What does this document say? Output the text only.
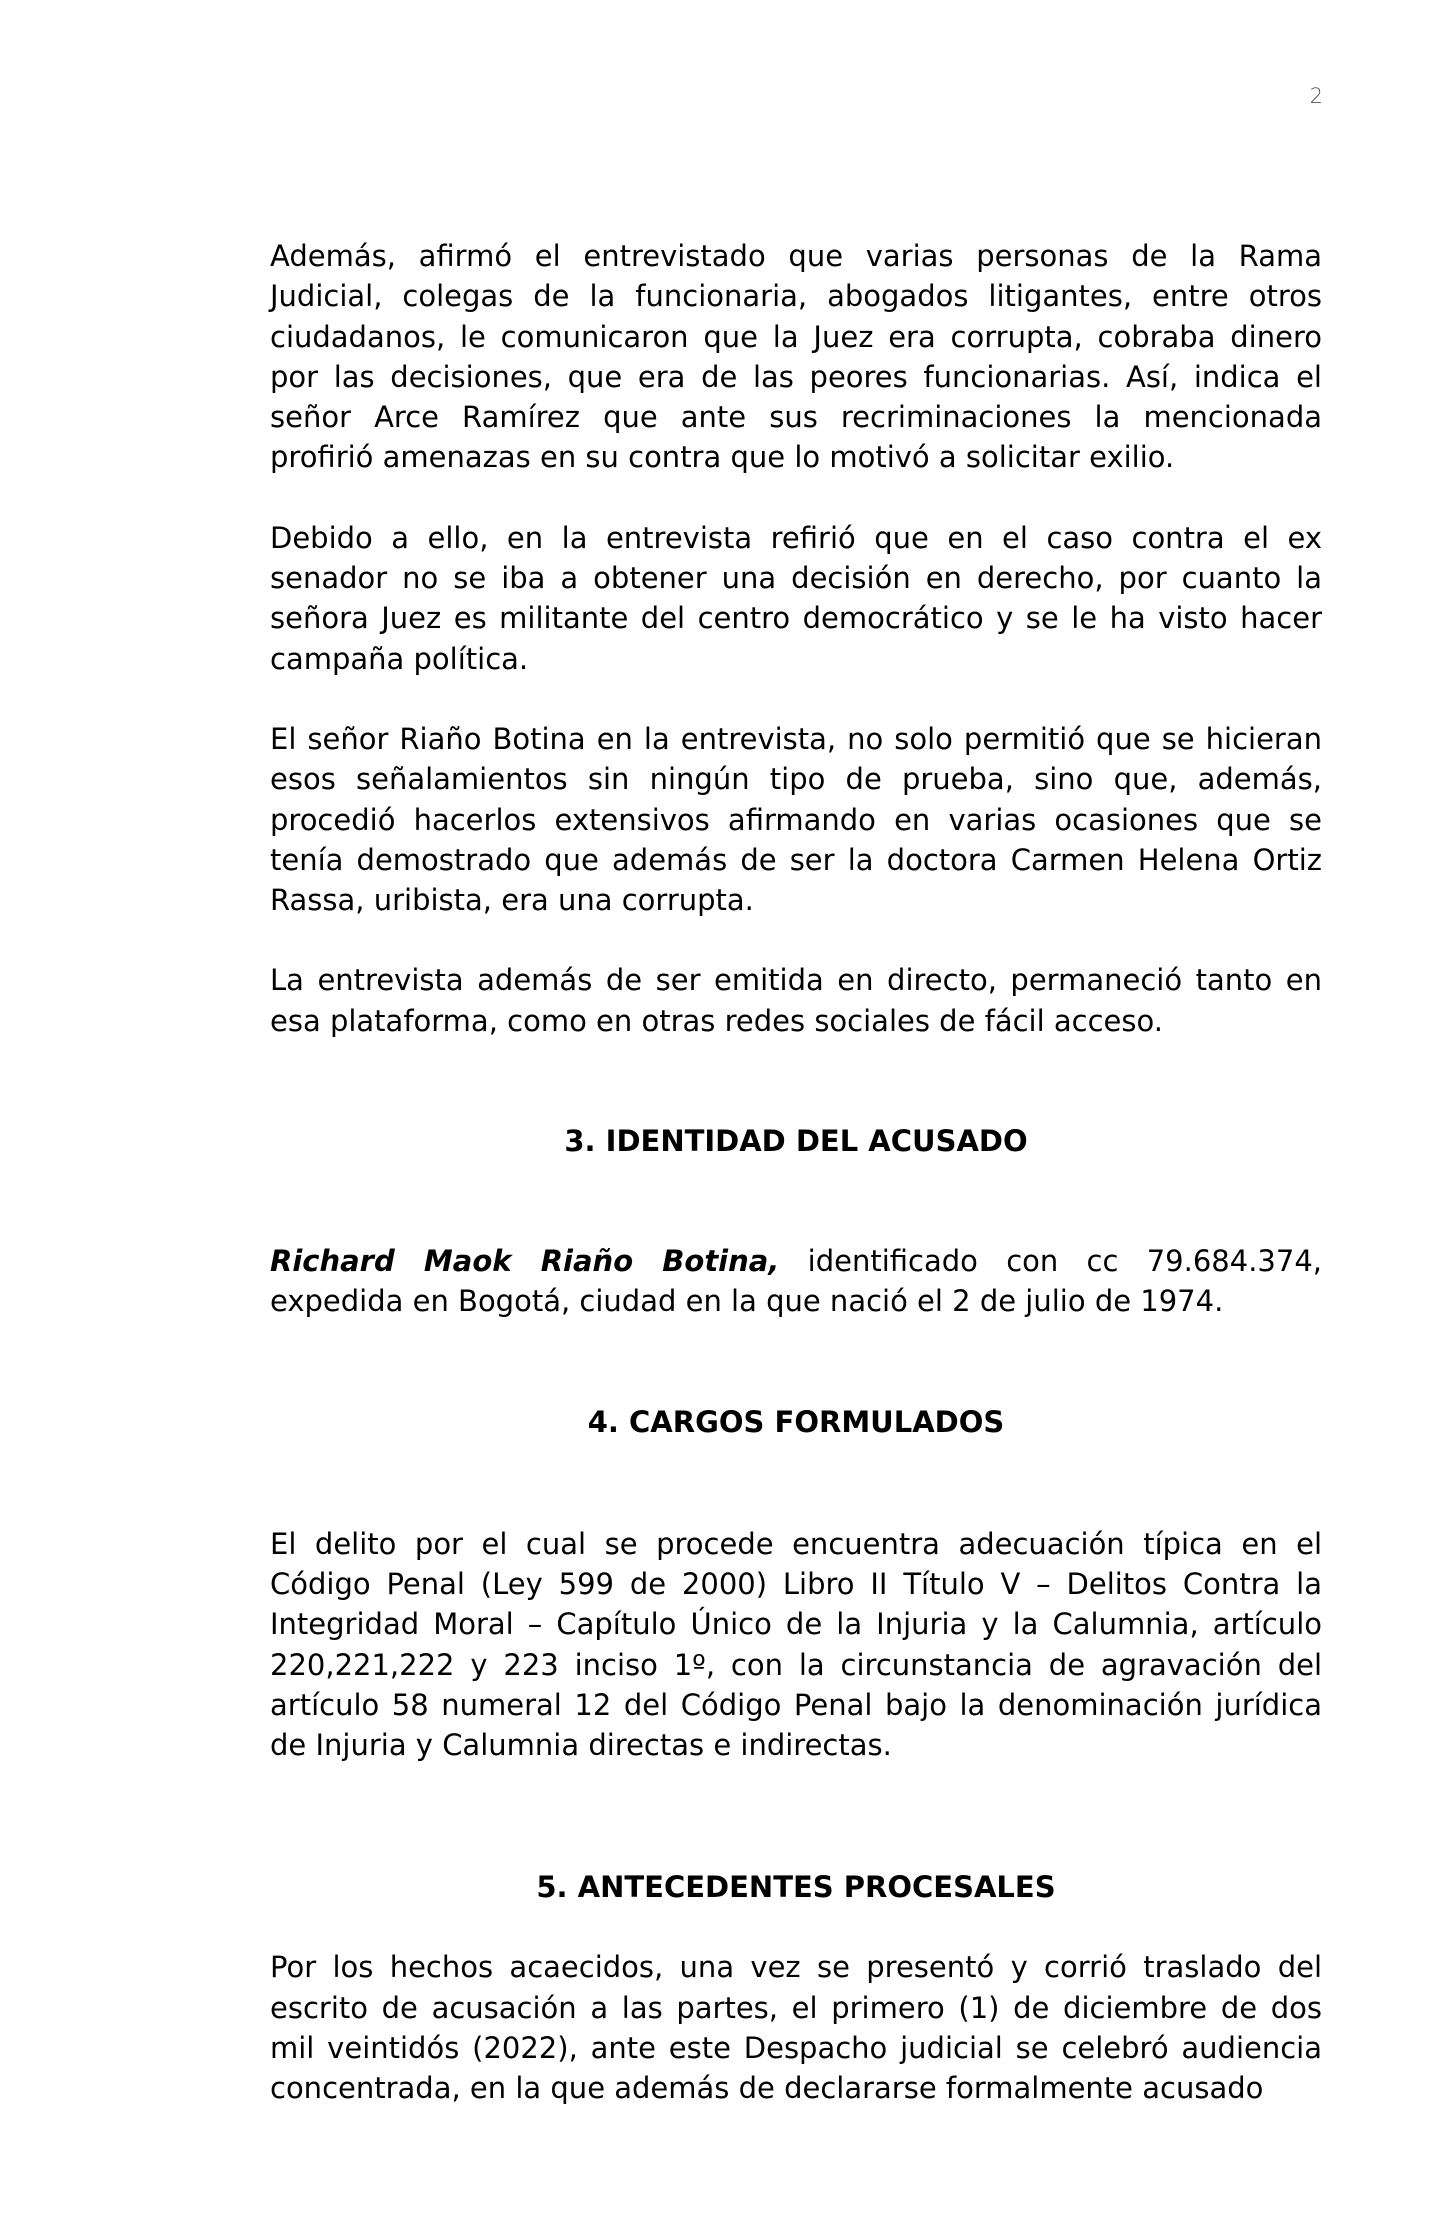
2

Además, afirmó el entrevistado que varias personas de la Rama Judicial, colegas de la funcionaria, abogados litigantes, entre otros ciudadanos, le comunicaron que la Juez era corrupta, cobraba dinero por las decisiones, que era de las peores funcionarias. Así, indica el señor Arce Ramírez que ante sus recriminaciones la mencionada profirió amenazas en su contra que lo motivó a solicitar exilio.

Debido a ello, en la entrevista refirió que en el caso contra el ex senador no se iba a obtener una decisión en derecho, por cuanto la señora Juez es militante del centro democrático y se le ha visto hacer campaña política.

El señor Riaño Botina en la entrevista, no solo permitió que se hicieran esos señalamientos sin ningún tipo de prueba, sino que, además, procedió hacerlos extensivos afirmando en varias ocasiones que se tenía demostrado que además de ser la doctora Carmen Helena Ortiz Rassa, uribista, era una corrupta.

La entrevista además de ser emitida en directo, permaneció tanto en esa plataforma, como en otras redes sociales de fácil acceso.

3. IDENTIDAD DEL ACUSADO

Richard Maok Riaño Botina, identificado con cc 79.684.374, expedida en Bogotá, ciudad en la que nació el 2 de julio de 1974.

4. CARGOS FORMULADOS

El delito por el cual se procede encuentra adecuación típica en el Código Penal (Ley 599 de 2000) Libro II Título V – Delitos Contra la Integridad Moral – Capítulo Único de la Injuria y la Calumnia, artículo 220,221,222 y 223 inciso 1º, con la circunstancia de agravación del artículo 58 numeral 12 del Código Penal bajo la denominación jurídica de Injuria y Calumnia directas e indirectas.

5. ANTECEDENTES PROCESALES

Por los hechos acaecidos, una vez se presentó y corrió traslado del escrito de acusación a las partes, el primero (1) de diciembre de dos mil veintidós (2022), ante este Despacho judicial se celebró audiencia concentrada, en la que además de declararse formalmente acusado
